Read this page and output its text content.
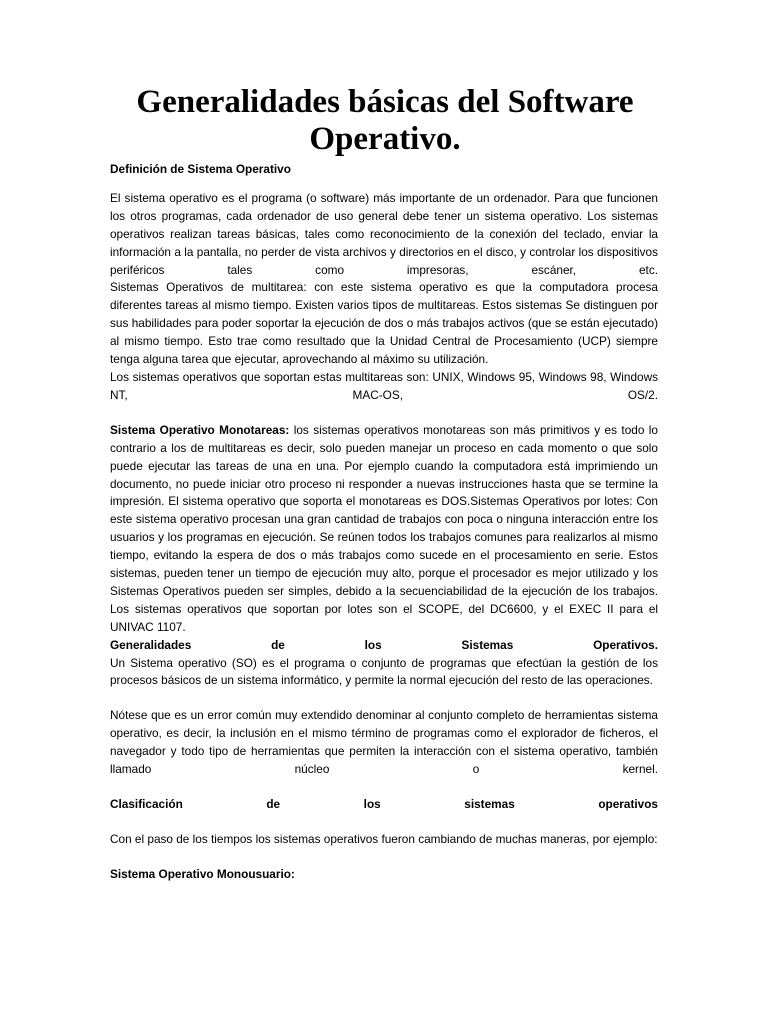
Generalidades básicas del Software Operativo.

Definición de Sistema Operativo

El sistema operativo es el programa (o software) más importante de un ordenador. Para que funcionen los otros programas, cada ordenador de uso general debe tener un sistema operativo. Los sistemas operativos realizan tareas básicas, tales como reconocimiento de la conexión del teclado, enviar la información a la pantalla, no perder de vista archivos y directorios en el disco, y controlar los dispositivos periféricos tales como impresoras, escáner, etc.

Sistemas Operativos de multitarea: con este sistema operativo es que la computadora procesa diferentes tareas al mismo tiempo. Existen varios tipos de multitareas. Estos sistemas Se distinguen por sus habilidades para poder soportar la ejecución de dos o más trabajos activos (que se están ejecutado) al mismo tiempo. Esto trae como resultado que la Unidad Central de Procesamiento (UCP) siempre tenga alguna tarea que ejecutar, aprovechando al máximo su utilización.

Los sistemas operativos que soportan estas multitareas son: UNIX, Windows 95, Windows 98, Windows NT, MAC-OS, OS/2.

Sistema Operativo Monotareas: los sistemas operativos monotareas son más primitivos y es todo lo contrario a los de multitareas es decir, solo pueden manejar un proceso en cada momento o que solo puede ejecutar las tareas de una en una. Por ejemplo cuando la computadora está imprimiendo un documento, no puede iniciar otro proceso ni responder a nuevas instrucciones hasta que se termine la impresión. El sistema operativo que soporta el monotareas es DOS.Sistemas Operativos por lotes: Con este sistema operativo procesan una gran cantidad de trabajos con poca o ninguna interacción entre los usuarios y los programas en ejecución. Se reúnen todos los trabajos comunes para realizarlos al mismo tiempo, evitando la espera de dos o más trabajos como sucede en el procesamiento en serie. Estos sistemas, pueden tener un tiempo de ejecución muy alto, porque el procesador es mejor utilizado y los Sistemas Operativos pueden ser simples, debido a la secuenciabilidad de la ejecución de los trabajos. Los sistemas operativos que soportan por lotes son el SCOPE, del DC6600, y el EXEC II para el UNIVAC 1107.

Generalidades de los Sistemas Operativos.

Un Sistema operativo (SO) es el programa o conjunto de programas que efectúan la gestión de los procesos básicos de un sistema informático, y permite la normal ejecución del resto de las operaciones.

Nótese que es un error común muy extendido denominar al conjunto completo de herramientas sistema operativo, es decir, la inclusión en el mismo término de programas como el explorador de ficheros, el navegador y todo tipo de herramientas que permiten la interacción con el sistema operativo, también llamado núcleo o kernel.

Clasificación de los sistemas operativos

Con el paso de los tiempos los sistemas operativos fueron cambiando de muchas maneras, por ejemplo:

Sistema Operativo Monousuario:
